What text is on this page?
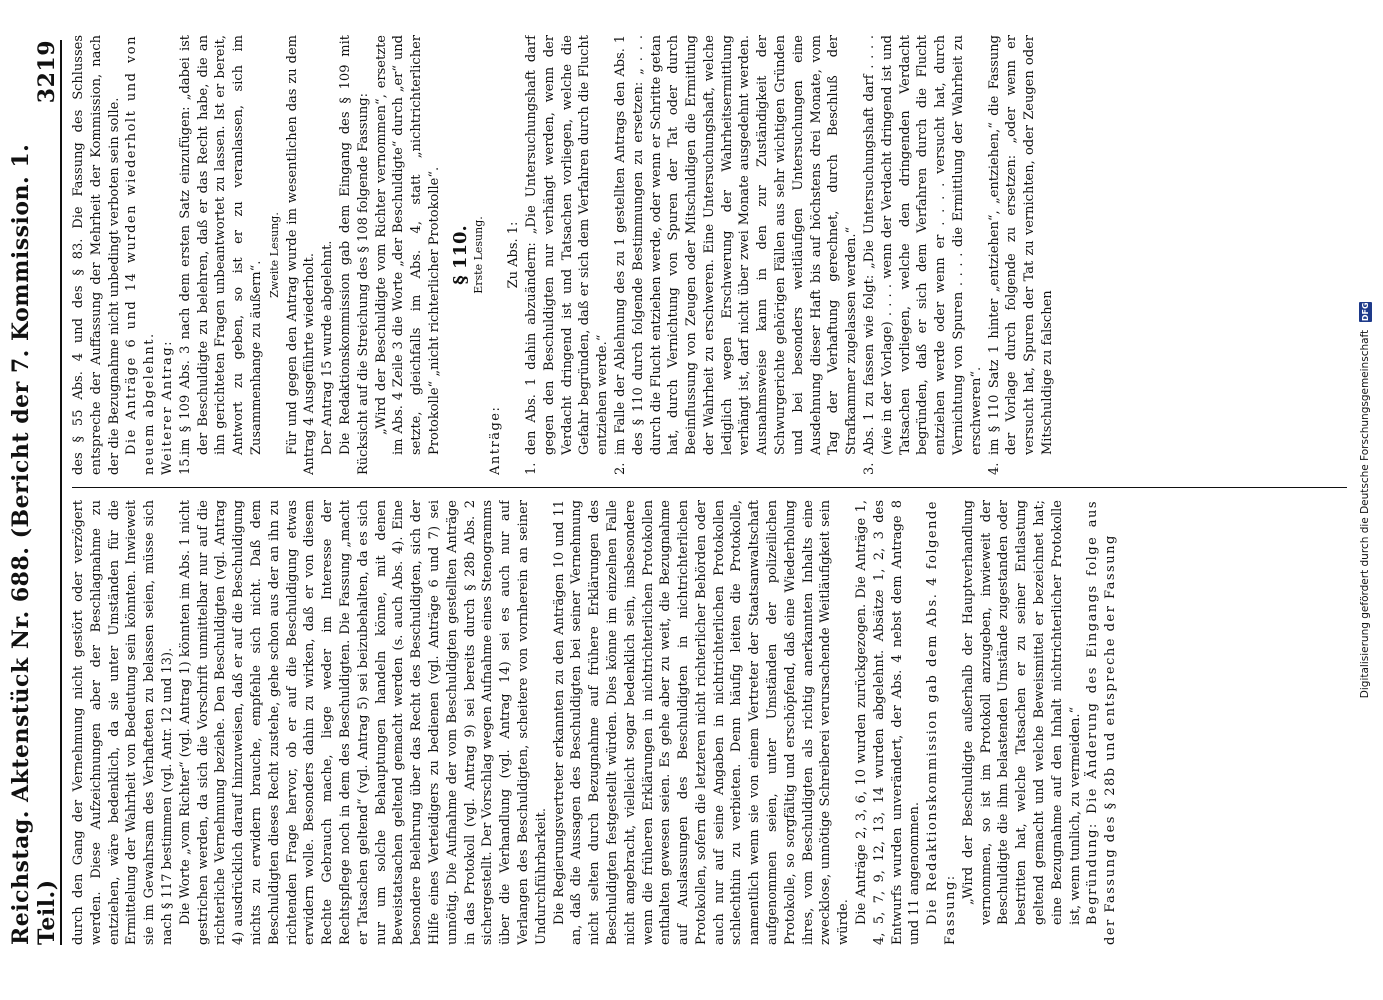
Reichstag. Aktenstück Nr. 688. (Bericht der 7. Kommission. 1. Teil.)
3219

durch den Gang der Vernehmung nicht gestört oder verzögert werden. Diese Aufzeichnungen aber der Beschlagnahme zu entziehen, wäre bedenklich, da sie unter Umständen für die Ermittelung der Wahrheit von Bedeutung sein könnten. Inwieweit sie im Gewahrsam des Verhafteten zu belassen seien, müsse sich nach § 117 bestimmen (vgl. Antr. 12 und 13). Die Worte „vom Richter“ (vgl. Antrag 1) könnten im Abs. 1 nicht gestrichen werden, da sich die Vorschrift unmittelbar nur auf die richterliche Vernehmung beziehe. Den Beschuldigten (vgl. Antrag 4) ausdrücklich darauf hinzuweisen, daß er auf die Beschuldigung nichts zu erwidern brauche, empfehle sich nicht. Daß dem Beschuldigten dieses Recht zustehe, gehe schon aus der an ihn zu richtenden Frage hervor, ob er auf die Beschuldigung etwas erwidern wolle. Besonders dahin zu wirken, daß er von diesem Rechte Gebrauch mache, liege weder im Interesse der Rechtspflege noch in dem des Beschuldigten. Die Fassung „macht er Tatsachen geltend“ (vgl. Antrag 5) sei beizubehalten, da es sich nur um solche Behauptungen handeln könne, mit denen Beweistatsachen geltend gemacht werden (s. auch Abs. 4). Eine besondere Belehrung über das Recht des Beschuldigten, sich der Hilfe eines Verteidigers zu bedienen (vgl. Anträge 6 und 7) sei unnötig. Die Aufnahme der vom Beschuldigten gestellten Anträge in das Protokoll (vgl. Antrag 9) sei bereits durch § 28b Abs. 2 sichergestellt. Der Vorschlag wegen Aufnahme eines Stenogramms über die Verhandlung (vgl. Antrag 14) sei es auch nur auf Verlangen des Beschuldigten, scheitere von vornherein an seiner Undurchführbarkeit. Die Regierungsvertreter erkannten zu den Anträgen 10 und 11 an, daß die Aussagen des Beschuldigten bei seiner Vernehmung nicht selten durch Bezugnahme auf frühere Erklärungen des Beschuldigten festgestellt würden. Dies könne im einzelnen Falle nicht angebracht, vielleicht sogar bedenklich sein, insbesondere wenn die früheren Erklärungen in nichtrichterlichen Protokollen enthalten gewesen seien. Es gehe aber zu weit, die Bezugnahme auf Auslassungen des Beschuldigten in nichtrichterlichen Protokollen, sofern die letzteren nicht richterlicher Behörden oder auch nur auf seine Angaben in nichtrichterlichen Protokollen schlechthin zu verbieten. Denn häufig leiten die Protokolle, namentlich wenn sie von einem Vertreter der Staatsanwaltschaft aufgenommen seien, unter Umständen der polizeilichen Protokolle, so sorgfältig und erschöpfend, daß eine Wiederholung ihres, vom Beschuldigten als richtig anerkannten Inhalts eine zwecklose, unnötige Schreiberei verursachende Weitläufigkeit sein würde. Die Anträge 2, 3, 6, 10 wurden zurückgezogen. Die Anträge 1, 4, 5, 7, 9, 12, 13, 14 wurden abgelehnt. Absätze 1, 2, 3 des Entwurfs wurden unverändert, der Abs. 4 nebst dem Antrage 8 und 11 angenommen. Die Redaktionskommission gab dem Abs. 4 folgende Fassung:

„Wird der Beschuldigte außerhalb der Hauptverhandlung vernommen, so ist im Protokoll anzugeben, inwieweit der Beschuldigte die ihm belastenden Umstände zugestanden oder bestritten hat, welche Tatsachen er zu seiner Entlastung geltend gemacht und welche Beweismittel er bezeichnet hat; eine Bezugnahme auf den Inhalt nichtrichterlicher Protokolle ist, wenn tunlich, zu vermeiden.“ Begründung: Die Änderung des Eingangs folge aus der Fassung des § 28b und entspreche der Fassung

des § 55 Abs. 4 und des § 83. Die Fassung des Schlusses entspreche der Auffassung der Mehrheit der Kommission, nach der die Bezugnahme nicht unbedingt verboten sein solle. Die Anträge 6 und 14 wurden wiederholt und von neuem abgelehnt. Weiterer Antrag: 15.
im § 109 Abs. 3 nach dem ersten Satz einzufügen: „dabei ist der Beschuldigte zu belehren, daß er das Recht habe, die an ihn gerichteten Fragen unbeantwortet zu lassen. Ist er bereit, Antwort zu geben, so ist er zu veranlassen, sich im Zusammenhange zu äußern“.

Zweite Lesung. Für und gegen den Antrag wurde im wesentlichen das zu dem Antrag 4 Ausgeführte wiederholt. Der Antrag 15 wurde abgelehnt. Die Redaktionskommission gab dem Eingang des § 109 mit Rücksicht auf die Streichung des § 108 folgende Fassung: „Wird der Beschuldigte vom Richter vernommen“, ersetzte im Abs. 4 Zeile 3 die Worte „der Beschuldigte“ durch „er“ und setzte, gleichfalls im Abs. 4, statt „nichtrichterlicher Protokolle“ „nicht richterlicher Protokolle“. § 110. Erste Lesung.

Anträge:

Zu Abs. 1:

1.
den Abs. 1 dahin abzuändern: „Die Untersuchungshaft darf gegen den Beschuldigten nur verhängt werden, wenn der Verdacht dringend ist und Tatsachen vorliegen, welche die Gefahr begründen, daß er sich dem Verfahren durch die Flucht entziehen werde.“
2.
im Falle der Ablehnung des zu 1 gestellten Antrags den Abs. 1 des § 110 durch folgende Bestimmungen zu ersetzen: „ . . . durch die Flucht entziehen werde, oder wenn er Schritte getan hat, durch Vernichtung von Spuren der Tat oder durch Beeinflussung von Zeugen oder Mitschuldigen die Ermittlung der Wahrheit zu erschweren. Eine Untersuchungshaft, welche lediglich wegen Erschwerung der Wahrheitsermittlung verhängt ist, darf nicht über zwei Monate ausgedehnt werden. Ausnahmsweise kann in den zur Zuständigkeit der Schwurgerichte gehörigen Fällen aus sehr wichtigen Gründen und bei besonders weitläufigen Untersuchungen eine Ausdehnung dieser Haft bis auf höchstens drei Monate, vom Tag der Verhaftung gerechnet, durch Beschluß der Strafkammer zugelassen werden.“
3.
Abs. 1 zu fassen wie folgt: „Die Untersuchungshaft darf . . . . (wie in der Vorlage) . . . . wenn der Verdacht dringend ist und Tatsachen vorliegen, welche den dringenden Verdacht begründen, daß er sich dem Verfahren durch die Flucht entziehen werde oder wenn er . . . . versucht hat, durch Vernichtung von Spuren . . . . die Ermittlung der Wahrheit zu erschweren“.
4.
im § 110 Satz 1 hinter „entziehen“, „entziehen,“ die Fassung der Vorlage durch folgende zu ersetzen: „oder wenn er versucht hat, Spuren der Tat zu vernichten, oder Zeugen oder Mitschuldige zu falschen	Digitalisierung gefördert durch die Deutsche Forschungsgemeinschaft
DFG
